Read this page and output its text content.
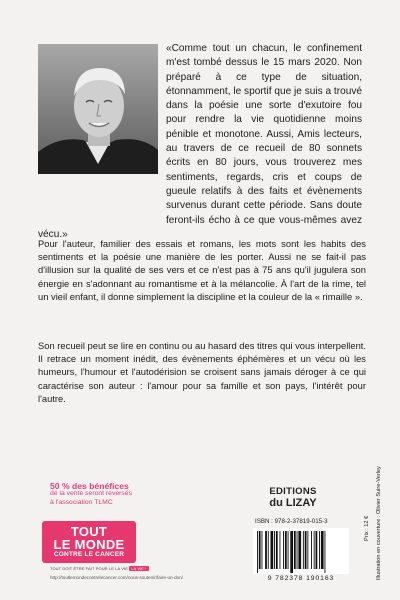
«Comme tout un chacun, le confinement m'est tombé dessus le 15 mars 2020. Non préparé à ce type de situation, étonnamment, le sportif que je suis a trouvé dans la poésie une sorte d'exutoire fou pour rendre la vie quotidienne moins pénible et monotone. Aussi, Amis lecteurs, au travers de ce recueil de 80 sonnets écrits en 80 jours, vous trouverez mes sentiments, regards, cris et coups de gueule relatifs à des faits et évènements survenus durant cette période. Sans doute feront-ils écho à ce que vous-mêmes avez vécu.»

Pour l'auteur, familier des essais et romans, les mots sont les habits des sentiments et la poésie une manière de les porter. Aussi ne se fait-il pas d'illusion sur la qualité de ses vers et ce n'est pas à 75 ans qu'il jugulera son énergie en s'adonnant au romantisme et à la mélancolie. À l'art de la rime, tel un vieil enfant, il donne simplement la discipline et la couleur de la « rimaille ».

Son recueil peut se lire en continu ou au hasard des titres qui vous interpellent. Il retrace un moment inédit, des évènements éphémères et un vécu où les humeurs, l'humour et l'autodérision se croisent sans jamais déroger à ce qui caractérise son auteur : l'amour pour sa famille et son pays, l'intérêt pour l'autre.

50 % des bénéfices
de la vente seront reversés
à l'association TLMC
TOUT
LE MONDE
CONTRE LE CANCER
TOUT DOIT ÊTRE FAIT POUR LE LA VIE LA VIE !
http://toutlemondecontrelecancer.com/nous-soutenir/faire-un-don/
EDITIONS
du LIZAY
ISBN : 978-2-37819-015-3
9 782378 190163
Prix : 12 € Illustration en couverture : Olivier Suire-Verley
